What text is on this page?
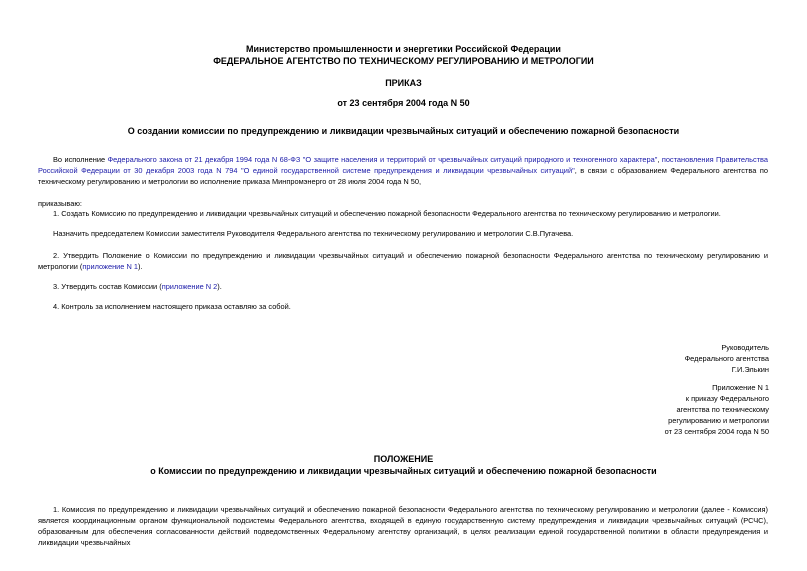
Министерство промышленности и энергетики Российской Федерации
ФЕДЕРАЛЬНОЕ АГЕНТСТВО ПО ТЕХНИЧЕСКОМУ РЕГУЛИРОВАНИЮ И МЕТРОЛОГИИ
ПРИКАЗ
от 23 сентября 2004 года N 50
О создании комиссии по предупреждению и ликвидации чрезвычайных ситуаций и обеспечению пожарной безопасности
Во исполнение Федерального закона от 21 декабря 1994 года N 68-ФЗ "О защите населения и территорий от чрезвычайных ситуаций природного и техногенного характера", постановления Правительства Российской Федерации от 30 декабря 2003 года N 794 "О единой государственной системе предупреждения и ликвидации чрезвычайных ситуаций", в связи с образованием Федерального агентства по техническому регулированию и метрологии во исполнение приказа Минпромэнерго от 28 июля 2004 года N 50,
приказываю:
1. Создать Комиссию по предупреждению и ликвидации чрезвычайных ситуаций и обеспечению пожарной безопасности Федерального агентства по техническому регулированию и метрологии.
Назначить председателем Комиссии заместителя Руководителя Федерального агентства по техническому регулированию и метрологии С.В.Пугачева.
2. Утвердить Положение о Комиссии по предупреждению и ликвидации чрезвычайных ситуаций и обеспечению пожарной безопасности Федерального агентства по техническому регулированию и метрологии (приложение N 1).
3. Утвердить состав Комиссии (приложение N 2).
4. Контроль за исполнением настоящего приказа оставляю за собой.
Руководитель
Федерального агентства
Г.И.Элькин
Приложение N 1
к приказу Федерального
агентства по техническому
регулированию и метрологии
от 23 сентября 2004 года N 50
ПОЛОЖЕНИЕ
о Комиссии по предупреждению и ликвидации чрезвычайных ситуаций и обеспечению пожарной безопасности
1. Комиссия по предупреждению и ликвидации чрезвычайных ситуаций и обеспечению пожарной безопасности Федерального агентства по техническому регулированию и метрологии (далее - Комиссия) является координационным органом функциональной подсистемы Федерального агентства, входящей в единую государственную систему предупреждения и ликвидации чрезвычайных ситуаций (РСЧС), образованным для обеспечения согласованности действий подведомственных Федеральному агентству организаций, в целях реализации единой государственной политики в области предупреждения и ликвидации чрезвычайных
